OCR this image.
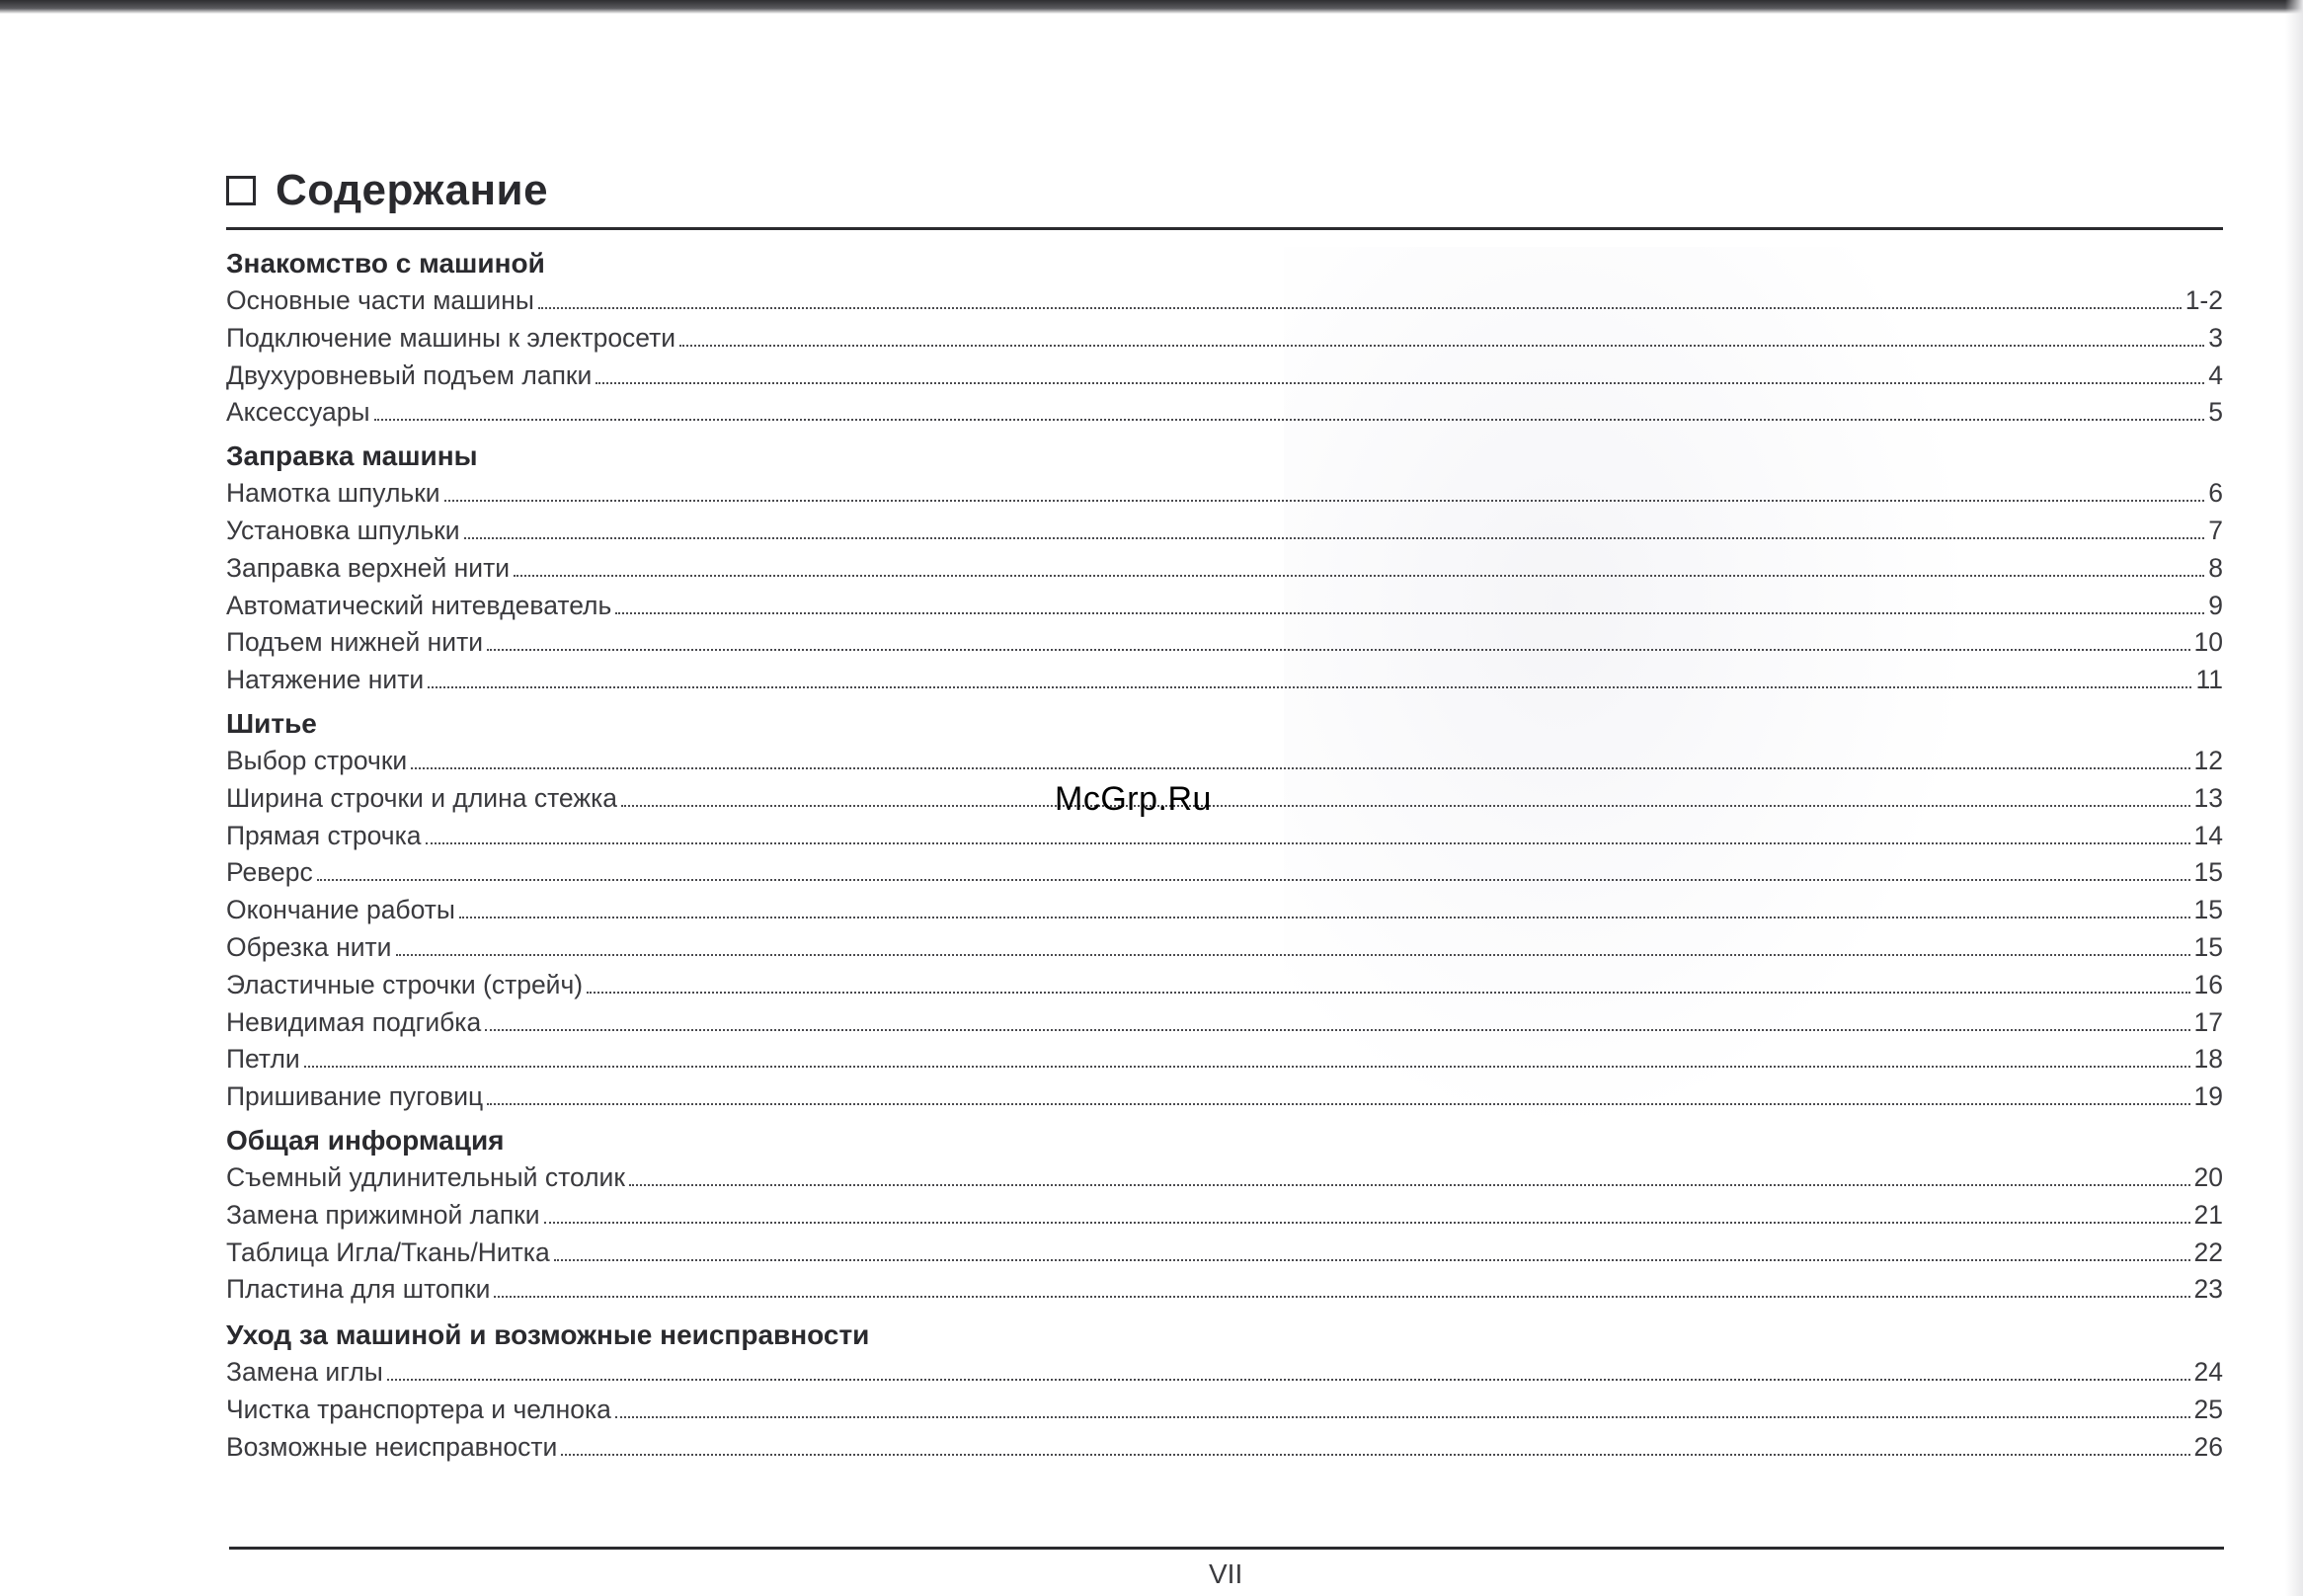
Содержание
Знакомство с машиной
Основные части машины	1-2
Подключение машины к электросети	3
Двухуровневый подъем лапки	4
Аксессуары	5
Заправка машины
Намотка шпульки	6
Установка шпульки	7
Заправка верхней нити	8
Автоматический нитевдеватель	9
Подъем нижней нити	10
Натяжение нити	11
Шитье
Выбор строчки	12
Ширина строчки и длина стежка	13
Прямая строчка	14
Реверс	15
Окончание работы	15
Обрезка нити	15
Эластичные строчки (стрейч)	16
Невидимая подгибка	17
Петли	18
Пришивание пуговиц	19
Общая информация
Съемный удлинительный столик	20
Замена прижимной лапки	21
Таблица Игла/Ткань/Нитка	22
Пластина для штопки	23
Уход за машиной и возможные неисправности
Замена иглы	24
Чистка транспортера и челнока	25
Возможные неисправности	26
McGrp.Ru
VII
